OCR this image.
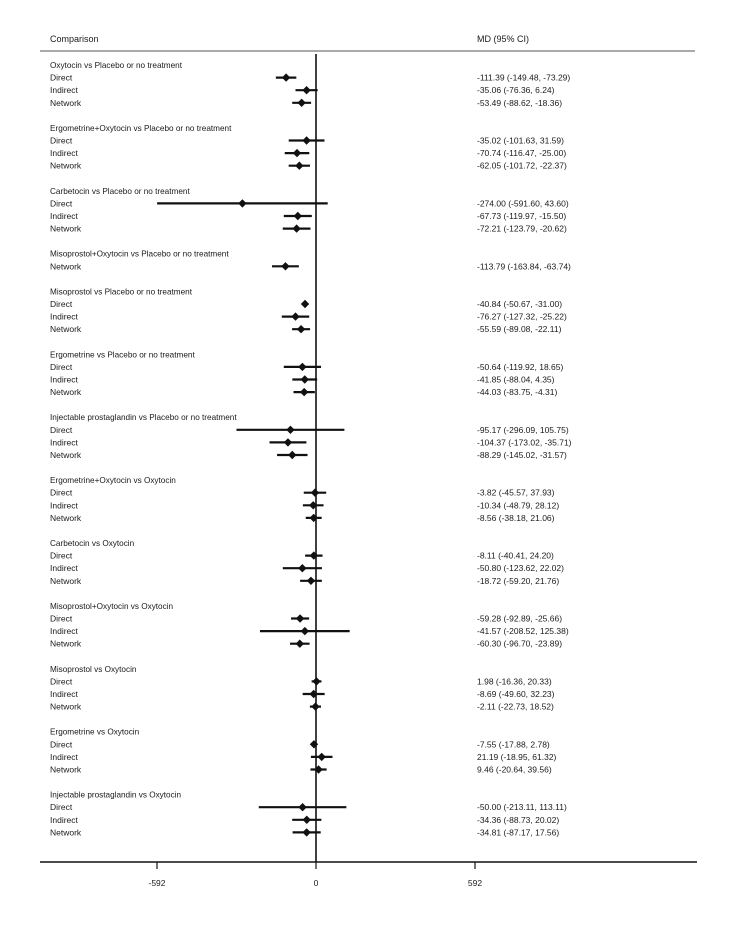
Comparison	MD (95% CI)
Oxytocin vs Placebo or no treatment
Direct	-111.39 (-149.48, -73.29)
Indirect	-35.06 (-76.36, 6.24)
Network	-53.49 (-88.62, -18.36)
Ergometrine+Oxytocin vs Placebo or no treatment
Direct	-35.02 (-101.63, 31.59)
Indirect	-70.74 (-116.47, -25.00)
Network	-62.05 (-101.72, -22.37)
Carbetocin vs Placebo or no treatment
Direct	-274.00 (-591.60, 43.60)
Indirect	-67.73 (-119.97, -15.50)
Network	-72.21 (-123.79, -20.62)
Misoprostol+Oxytocin vs Placebo or no treatment
Network	-113.79 (-163.84, -63.74)
Misoprostol vs Placebo or no treatment
Direct	-40.84 (-50.67, -31.00)
Indirect	-76.27 (-127.32, -25.22)
Network	-55.59 (-89.08, -22.11)
Ergometrine vs Placebo or no treatment
Direct	-50.64 (-119.92, 18.65)
Indirect	-41.85 (-88.04, 4.35)
Network	-44.03 (-83.75, -4.31)
Injectable prostaglandin vs Placebo or no treatment
Direct	-95.17 (-296.09, 105.75)
Indirect	-104.37 (-173.02, -35.71)
Network	-88.29 (-145.02, -31.57)
Ergometrine+Oxytocin vs Oxytocin
Direct	-3.82 (-45.57, 37.93)
Indirect	-10.34 (-48.79, 28.12)
Network	-8.56 (-38.18, 21.06)
Carbetocin vs Oxytocin
Direct	-8.11 (-40.41, 24.20)
Indirect	-50.80 (-123.62, 22.02)
Network	-18.72 (-59.20, 21.76)
Misoprostol+Oxytocin vs Oxytocin
Direct	-59.28 (-92.89, -25.66)
Indirect	-41.57 (-208.52, 125.38)
Network	-60.30 (-96.70, -23.89)
Misoprostol vs Oxytocin
Direct	1.98 (-16.36, 20.33)
Indirect	-8.69 (-49.60, 32.23)
Network	-2.11 (-22.73, 18.52)
Ergometrine vs Oxytocin
Direct	-7.55 (-17.88, 2.78)
Indirect	21.19 (-18.95, 61.32)
Network	9.46 (-20.64, 39.56)
Injectable prostaglandin vs Oxytocin
Direct	-50.00 (-213.11, 113.11)
Indirect	-34.36 (-88.73, 20.02)
Network	-34.81 (-87.17, 17.56)
-592	0	592
